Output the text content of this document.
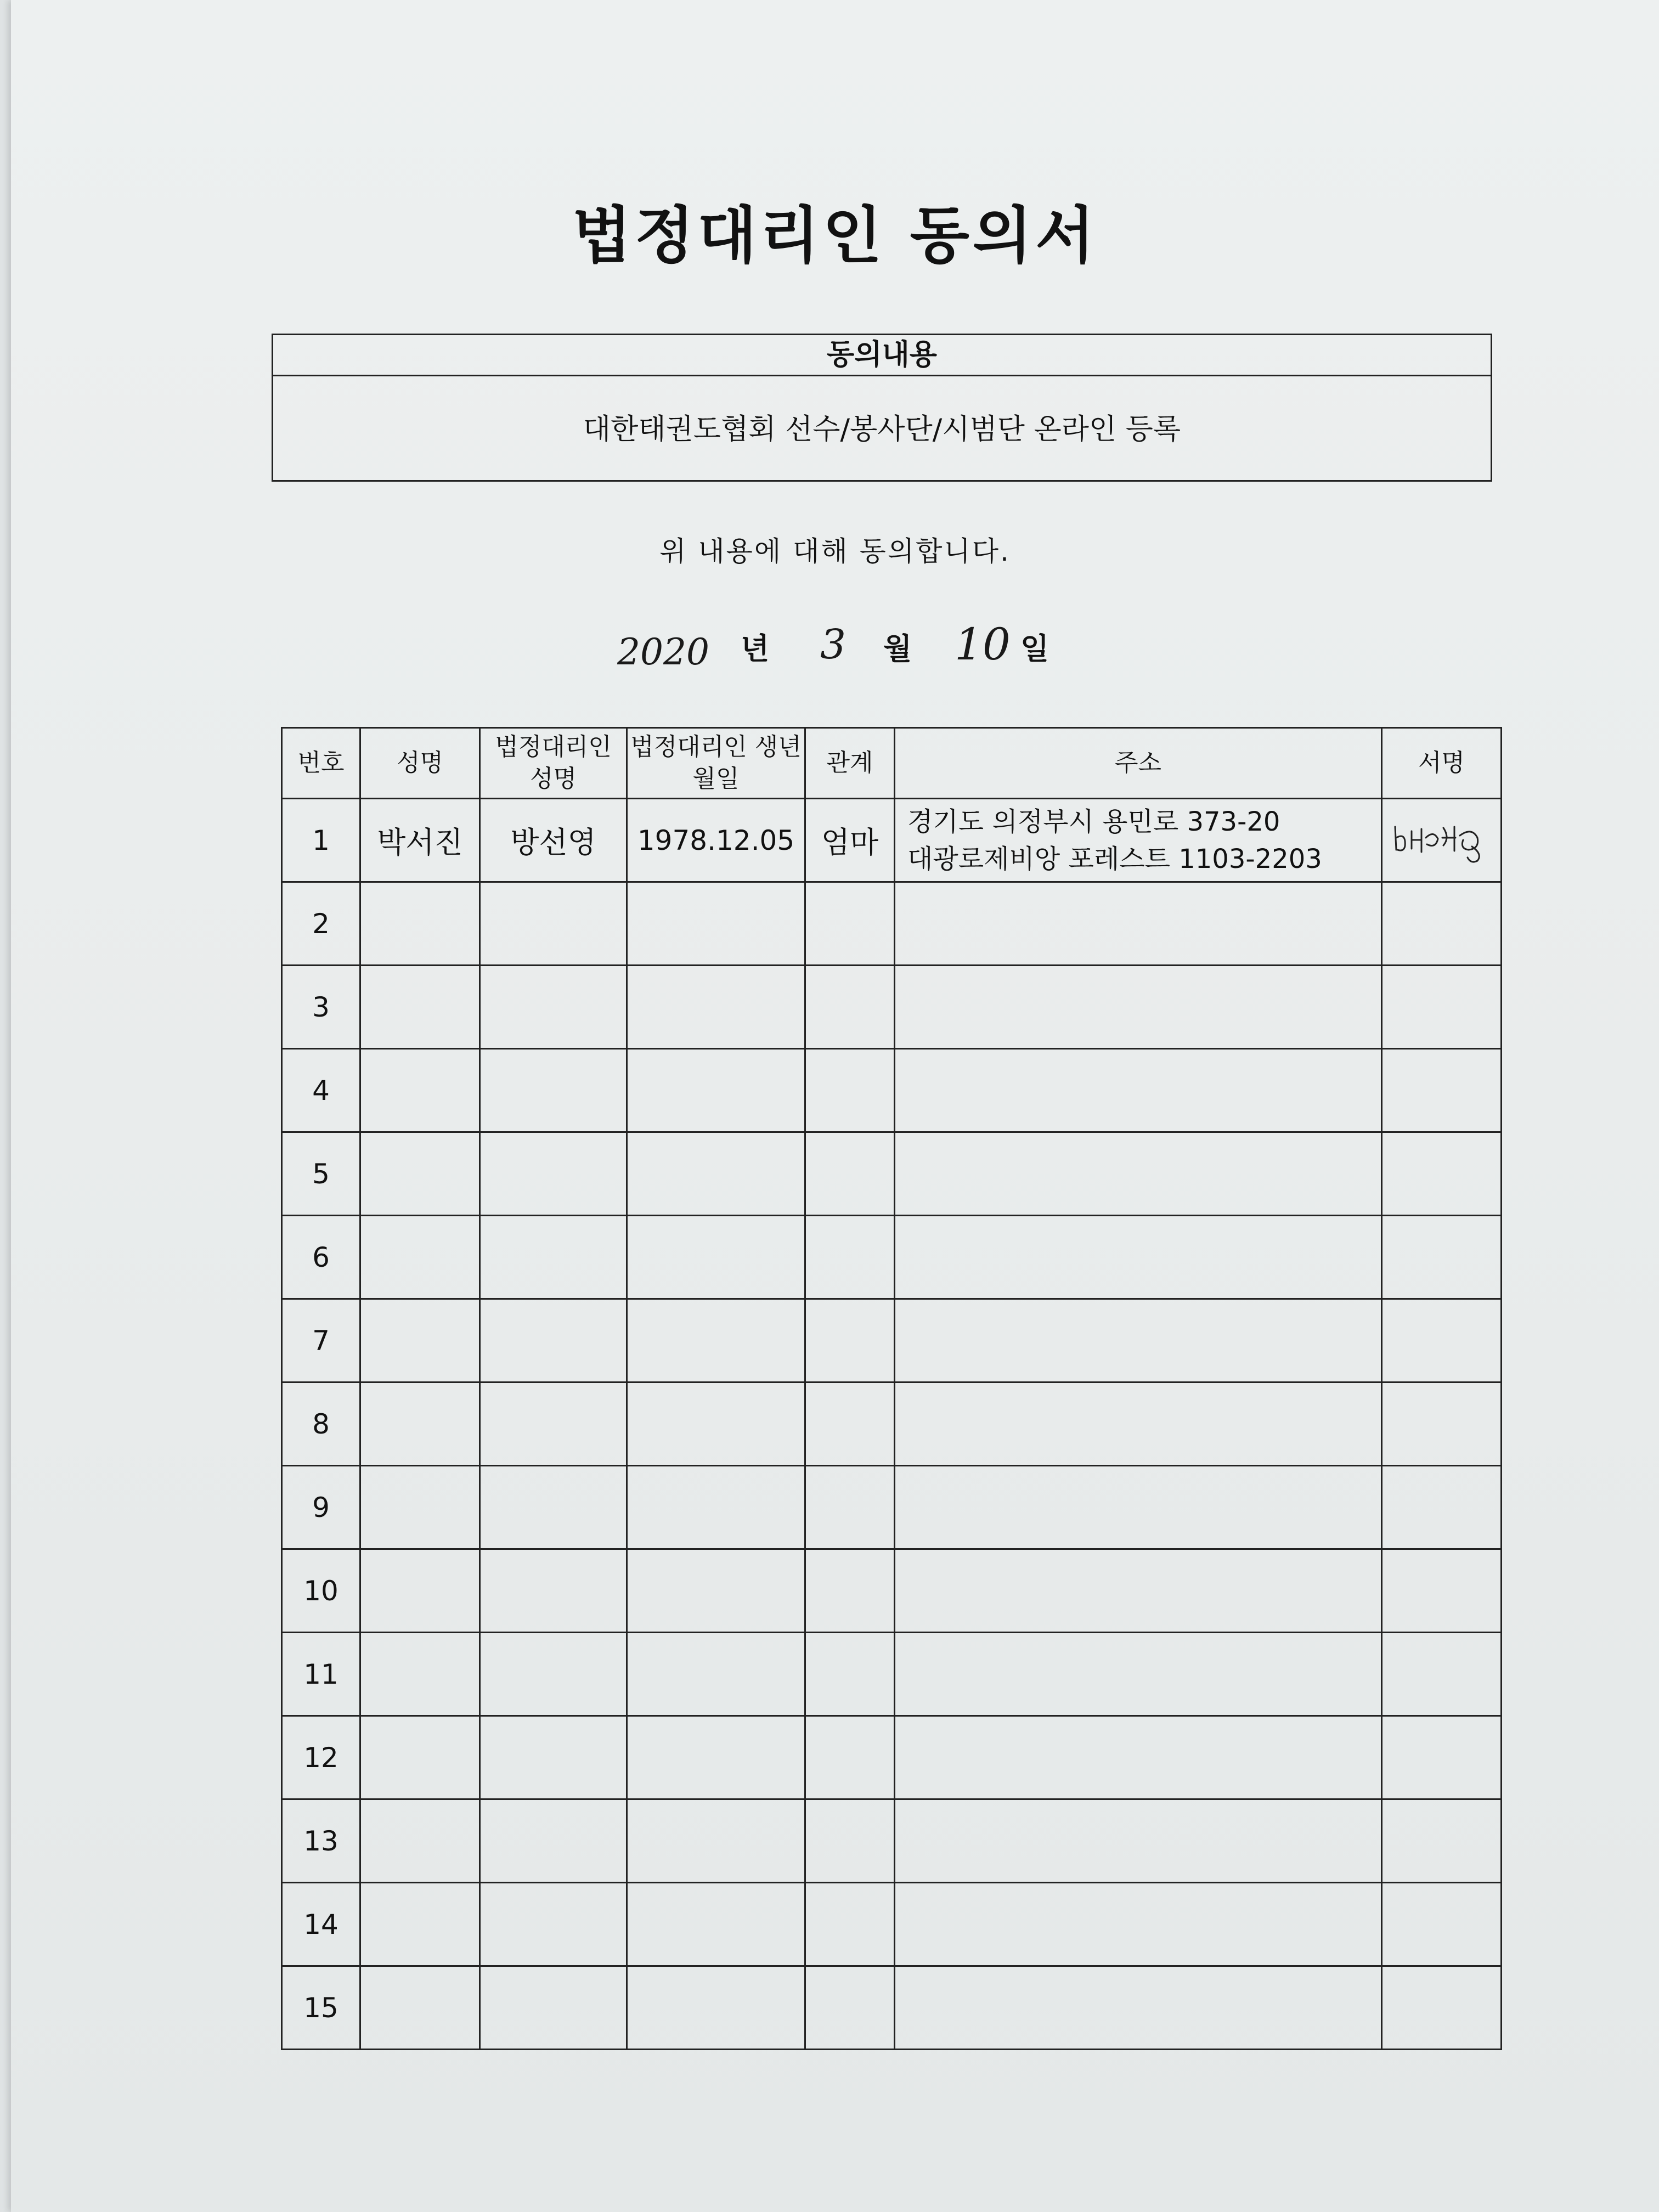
법정대리인 동의서
동의내용
대한태권도협회 선수/봉사단/시범단 온라인 등록
위 내용에 대해 동의합니다.
2020 년 3 월 10 일
번호	성명	법정대리인 성명	법정대리인 생년월일	관계	주소	서명
1	박서진	방선영	1978.12.05	엄마	경기도 의정부시 용민로 373-20
대광로제비앙 포레스트 1103-2203

2						
3						
4						
5						
6						
7						
8						
9						
10						
11						
12						
13						
14						
15						
